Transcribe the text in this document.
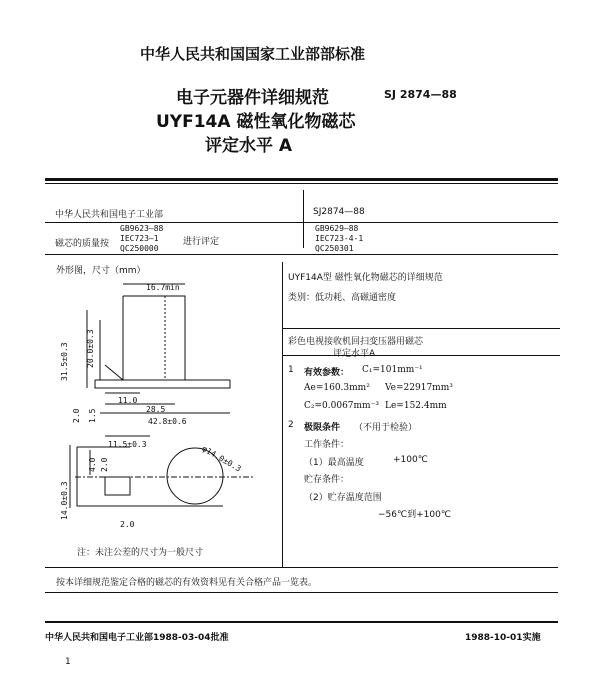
中华人民共和国国家工业部部标准
电子元器件详细规范	SJ 2874—88
UYF14A 磁性氧化物磁芯
评定水平 A
中华人民共和国电子工业部	SJ2874—88
磁芯的质量按
GB9623—88
IEC723—1
QC250000
进行评定
GB9629—88
IEC723-4-1
QC250301
外形图，尺寸（mm）
16.7min
31.5±0.3 20.0±0.3
11.0
28.5
42.8±0.6
2.0 1.5
11.5±0.3	φ14.0±0.3
4.0 2.0
14.0±0.3
2.0
注：未注公差的尺寸为一般尺寸
UYF14A型 磁性氧化物磁芯的详细规范
类别：低功耗、高磁通密度
彩色电视接收机回扫变压器用磁芯
评定水平A
1 有效参数： C₁=101mm⁻¹
Ae=160.3mm² Ve=22917mm³
C₂=0.0067mm⁻³ Le=152.4mm
2 极限条件 （不用于检验）
工作条件：
（1）最高温度	+100℃
贮存条件：
（2）贮存温度范围
−56℃到+100℃
按本详细规范鉴定合格的磁芯的有效资料见有关合格产品一览表。
中华人民共和国电子工业部1988-03-04批准	1988-10-01实施
1
